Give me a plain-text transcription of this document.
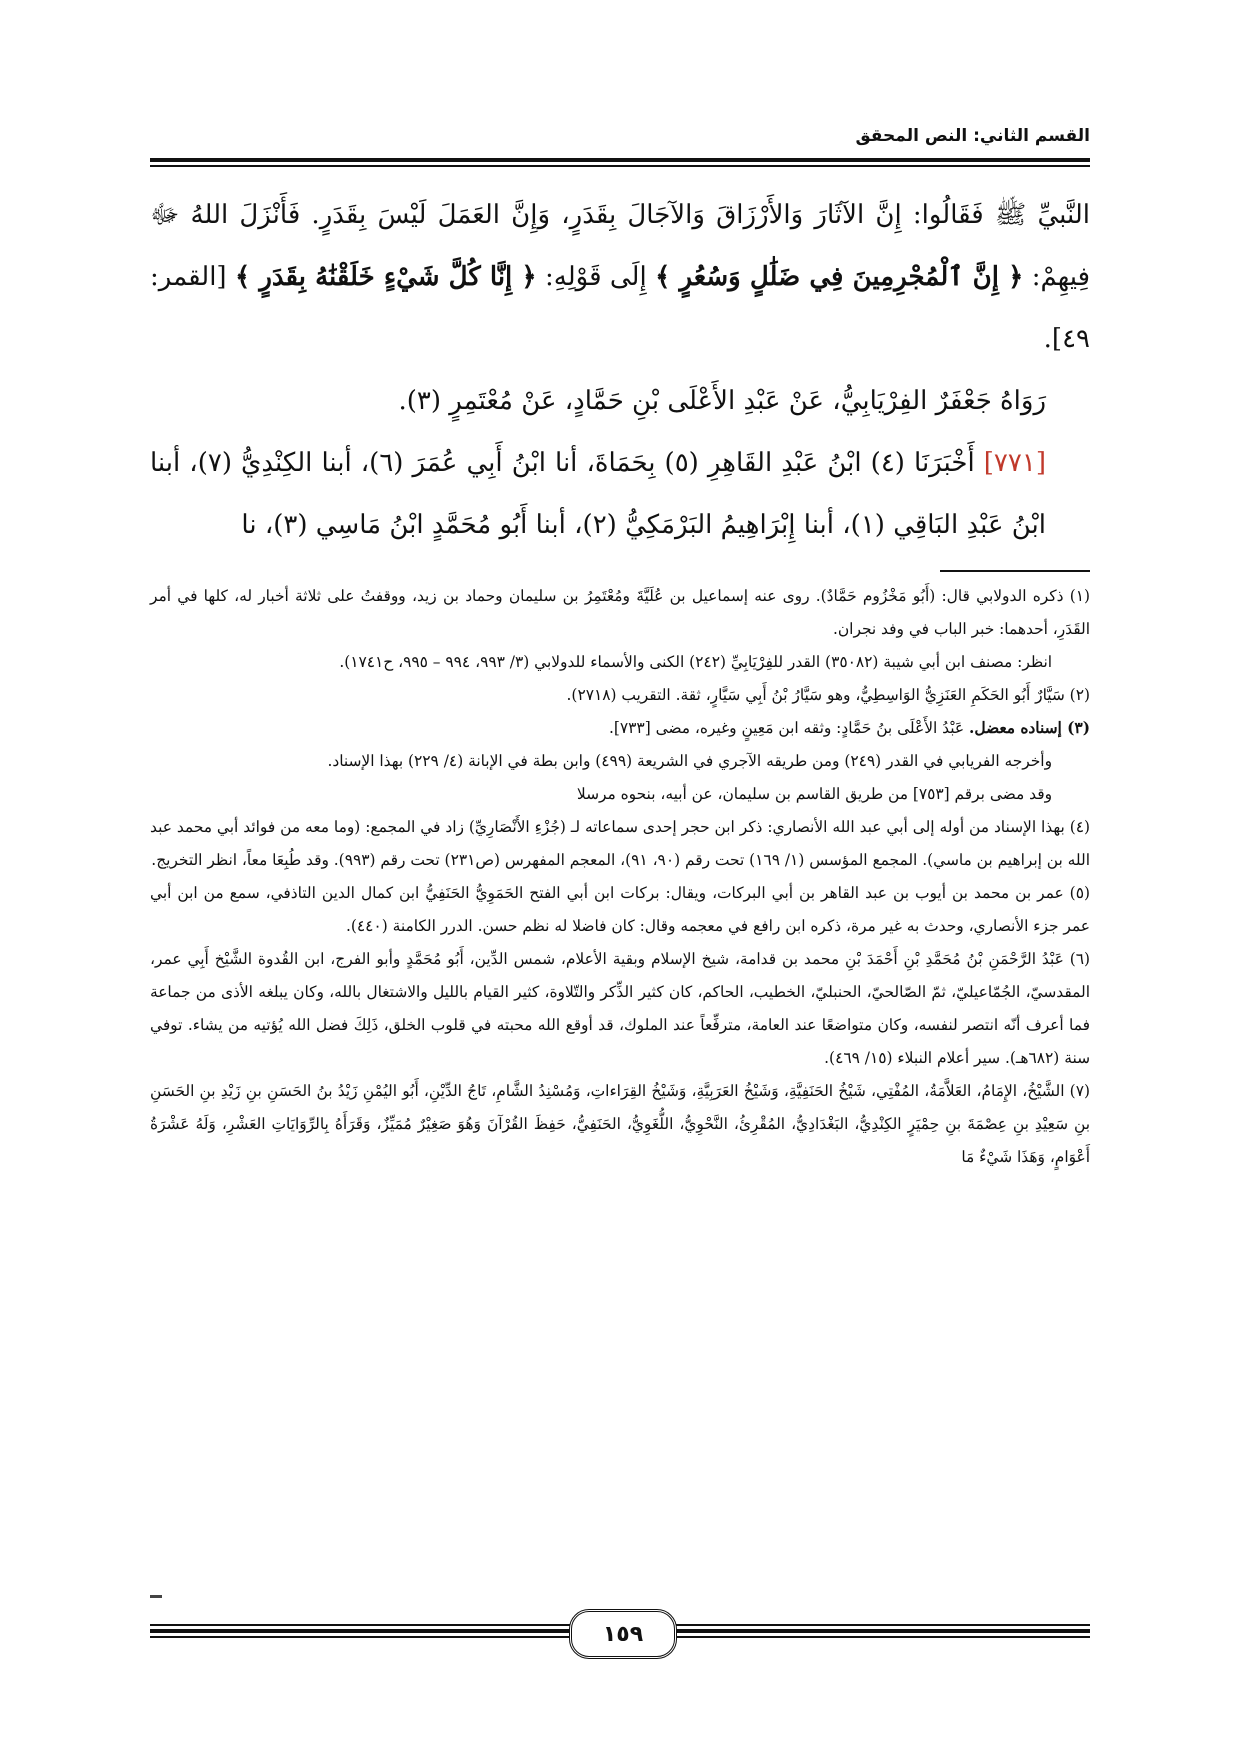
القسم الثاني: النص المحقق

النَّبيِّ ﷺ فَقَالُوا: إِنَّ الآثَارَ وَالأَرْزَاقَ وَالآجَالَ بِقَدَرٍ، وَإِنَّ العَمَلَ لَيْسَ بِقَدَرٍ. فَأَنْزَلَ اللهُ ﷻ فِيهِمْ: ﴿ إِنَّ ٱلْمُجْرِمِينَ فِي ضَلَٰلٍ وَسُعُرٍ ﴾ إِلَى قَوْلِهِ: ﴿ إِنَّا كُلَّ شَيْءٍ خَلَقْنَٰهُ بِقَدَرٍ ﴾ [القمر: ٤٩].

رَوَاهُ جَعْفَرٌ الفِرْيَابِيُّ، عَنْ عَبْدِ الأَعْلَى بْنِ حَمَّادٍ، عَنْ مُعْتَمِرٍ (٣).

[٧٧١] أَخْبَرَنَا (٤) ابْنُ عَبْدِ القَاهِرِ (٥) بِحَمَاةَ، أنا ابْنُ أَبِي عُمَرَ (٦)، أبنا الكِنْدِيُّ (٧)، أبنا ابْنُ عَبْدِ البَاقِي (١)، أبنا إِبْرَاهِيمُ البَرْمَكِيُّ (٢)، أبنا أَبُو مُحَمَّدٍ ابْنُ مَاسِي (٣)، نا

(١) ذكره الدولابي قال: (أَبُو مَخْزُوم حَمَّادٌ). روى عنه إسماعيل بن عُلَيَّةَ ومُعْتَمِرُ بن سليمان وحماد بن زيد، ووقفتُ على ثلاثة أخبار له، كلها في أمر القَدَرِ، أحدهما: خبر الباب في وفد نجران.

انظر: مصنف ابن أبي شيبة (٣٥٠٨٢) القدر للفِرْيَابِيِّ (٢٤٢) الكنى والأسماء للدولابي (٣/ ٩٩٣، ٩٩٤ – ٩٩٥، ح١٧٤١).

(٢) سَيَّارٌ أَبُو الحَكَمِ العَنَزِيُّ الوَاسِطِيُّ، وهو سَيَّارُ بْنُ أَبِي سَيَّارٍ، ثقة. التقريب (٢٧١٨).

(٣) إسناده معضل. عَبْدُ الأَعْلَى بنُ حَمَّادٍ: وثقه ابن مَعِينٍ وغيره، مضى [٧٣٣].

وأخرجه الفريابي في القدر (٢٤٩) ومن طريقه الآجري في الشريعة (٤٩٩) وابن بطة في الإبانة (٤/ ٢٢٩) بهذا الإسناد.

وقد مضى برقم [٧٥٣] من طريق القاسم بن سليمان، عن أبيه، بنحوه مرسلا

(٤) بهذا الإسناد من أوله إلى أبي عبد الله الأنصاري: ذكر ابن حجر إحدى سماعاته لـ (جُزْءِ الأَنْصَارِيِّ) زاد في المجمع: (وما معه من فوائد أبي محمد عبد الله بن إبراهيم بن ماسي). المجمع المؤسس (١/ ١٦٩) تحت رقم (٩٠، ٩١)، المعجم المفهرس (ص٢٣١) تحت رقم (٩٩٣). وقد طُبِعَا معاً، انظر التخريج.

(٥) عمر بن محمد بن أيوب بن عبد القاهر بن أبي البركات، ويقال: بركات ابن أبي الفتح الحَمَوِيُّ الحَنَفِيُّ ابن كمال الدين التاذفي، سمع من ابن أبي عمر جزء الأنصاري، وحدث به غير مرة، ذكره ابن رافع في معجمه وقال: كان فاضلا له نظم حسن. الدرر الكامنة (٤٤٠).

(٦) عَبْدُ الرَّحْمَنِ بْنُ مُحَمَّدِ بْنِ أَحْمَدَ بْنِ محمد بن قدامة، شيخ الإسلام وبقية الأعلام، شمس الدِّين، أَبُو مُحَمَّدٍ وأبو الفرج، ابن القُدوة الشَّيْخ أَبِي عمر، المقدسيّ، الجُمّاعيليّ، ثمّ الصّالحيّ، الحنبليّ، الخطيب، الحاكم، كان كثير الذِّكر والتّلاوة، كثير القيام بالليل والاشتغال بالله، وكان يبلغه الأذى من جماعة فما أعرف أنّه انتصر لنفسه، وكان متواضعًا عند العامة، مترفِّعاً عند الملوك، قد أوقع الله محبته في قلوب الخلق، ذَلِكَ فضل الله يُؤتيه من يشاء. توفي سنة (٦٨٢هـ). سير أعلام النبلاء (١٥/ ٤٦٩).

(٧) الشَّيْخُ، الإِمَامُ، العَلاَّمَةُ، المُفْتِي، شَيْخُ الحَنَفِيَّةِ، وَشَيْخُ العَرَبِيَّةِ، وَشَيْخُ القِرَاءاتِ، وَمُسْنِدُ الشَّامِ، تَاجُ الدِّيْنِ، أَبُو اليُمْنِ زَيْدُ بنُ الحَسَنِ بنِ زَيْدِ بنِ الحَسَنِ بنِ سَعِيْدِ بنِ عِصْمَةَ بنِ حِمْيَرٍ الكِنْدِيُّ، البَغْدَادِيُّ، المُقْرِئُ، النَّحْوِيُّ، اللُّغَوِيُّ، الحَنَفِيُّ، حَفِظَ القُرْآنَ وَهُوَ صَغِيْرٌ مُمَيِّزٌ، وَقَرَأَهُ بِالرِّوَايَاتِ العَشْرِ، وَلَهُ عَشْرَةُ أَعْوَامٍ، وَهَذَا شَيْءٌ مَا

١٥٩
